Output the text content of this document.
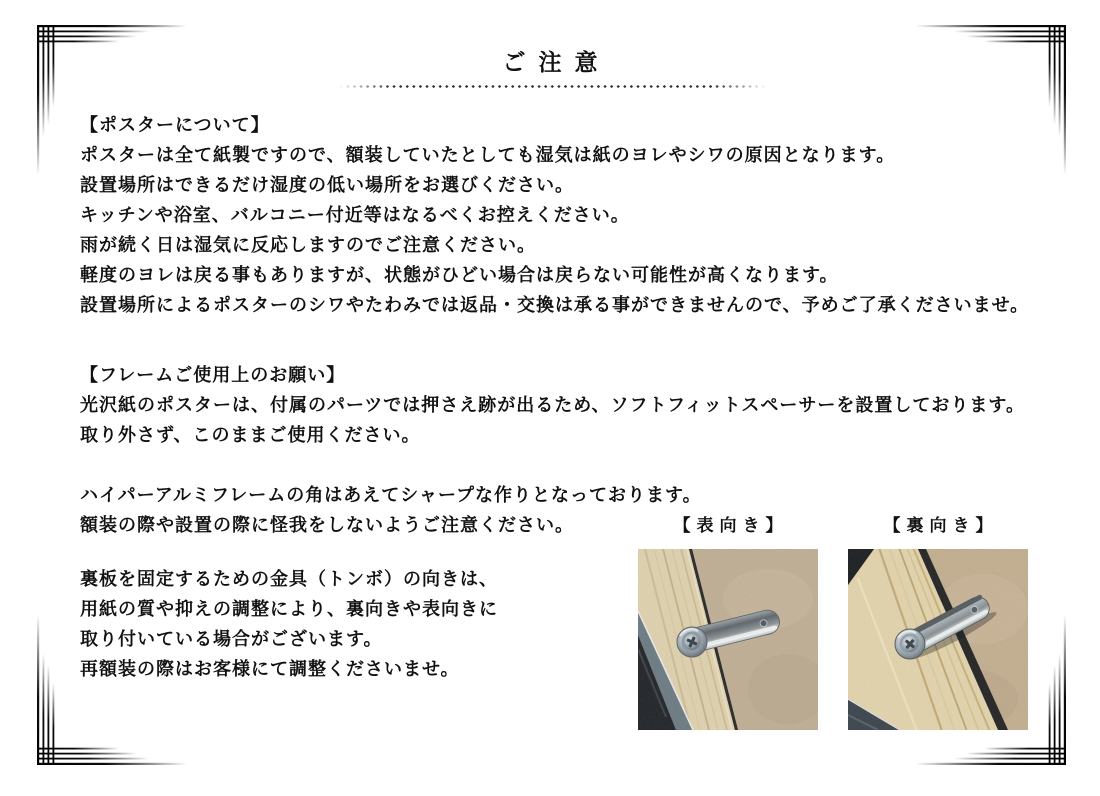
ご注意
【ポスターについて】

ポスターは全て紙製ですので、額装していたとしても湿気は紙のヨレやシワの原因となります。

設置場所はできるだけ湿度の低い場所をお選びください。

キッチンや浴室、バルコニー付近等はなるべくお控えください。

雨が続く日は湿気に反応しますのでご注意ください。

軽度のヨレは戻る事もありますが、状態がひどい場合は戻らない可能性が高くなります。

設置場所によるポスターのシワやたわみでは返品・交換は承る事ができませんので、予めご了承くださいませ。

【フレームご使用上のお願い】

光沢紙のポスターは、付属のパーツでは押さえ跡が出るため、ソフトフィットスペーサーを設置しております。

取り外さず、このままご使用ください。

ハイパーアルミフレームの角はあえてシャープな作りとなっております。

額装の際や設置の際に怪我をしないようご注意ください。

裏板を固定するための金具（トンボ）の向きは、

用紙の質や抑えの調整により、裏向きや表向きに

取り付いている場合がございます。

再額装の際はお客様にて調整くださいませ。

【表向き】	【裏向き】
